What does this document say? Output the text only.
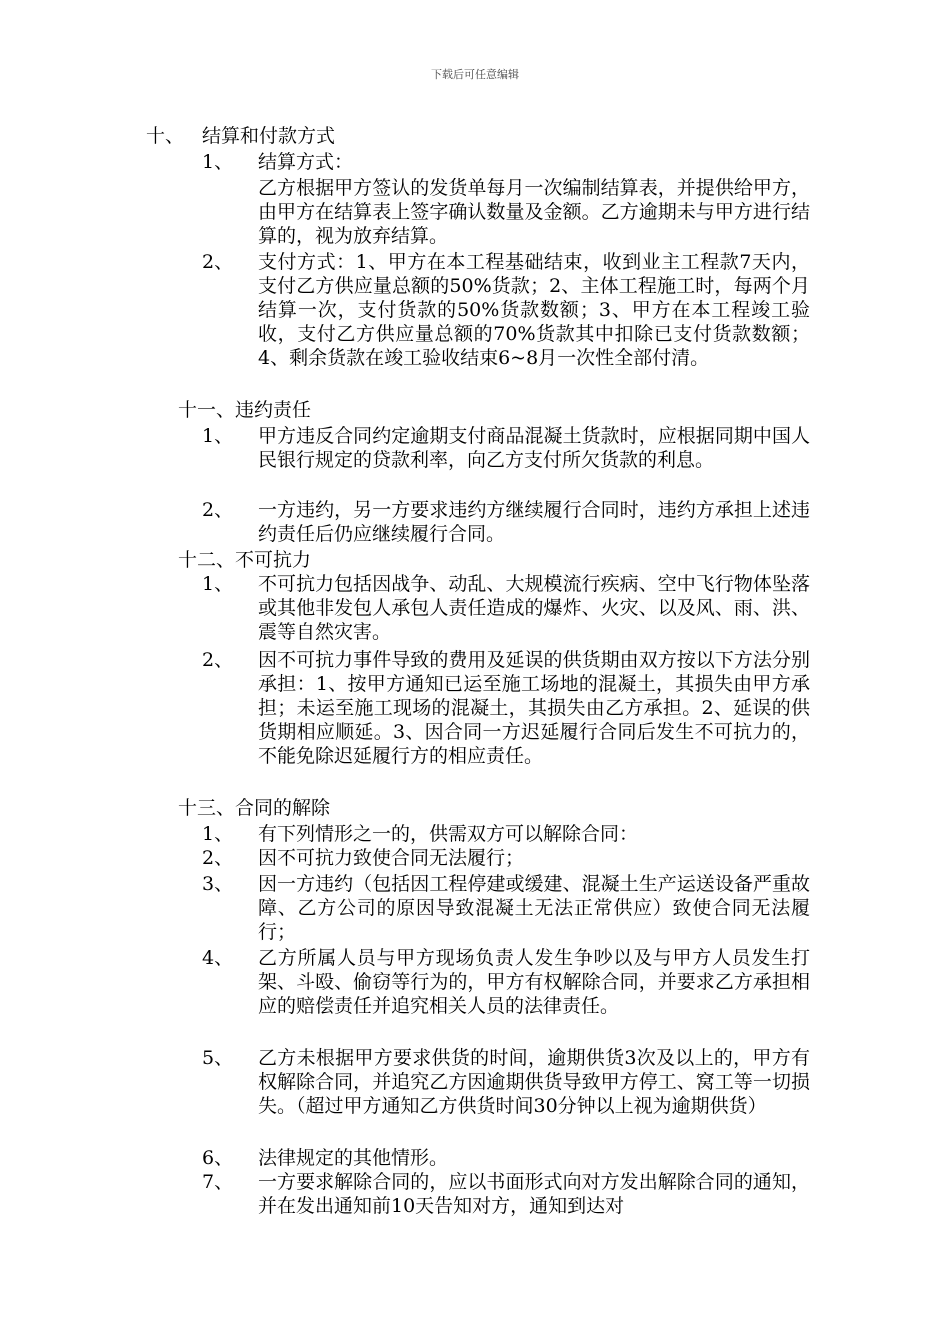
下载后可任意编辑
十、 结算和付款方式
1、 结算方式：
乙方根据甲方签认的发货单每月一次编制结算表，并提供给甲方，由甲方在结算表上签字确认数量及金额。乙方逾期未与甲方进行结算的，视为放弃结算。
2、 支付方式：1、甲方在本工程基础结束，收到业主工程款7天内，支付乙方供应量总额的50%货款；2、主体工程施工时，每两个月结算一次，支付货款的50%货款数额；3、甲方在本工程竣工验收，支付乙方供应量总额的70%货款其中扣除已支付货款数额；4、剩余货款在竣工验收结束6~8月一次性全部付清。
十一、违约责任
1、 甲方违反合同约定逾期支付商品混凝土货款时，应根据同期中国人民银行规定的贷款利率，向乙方支付所欠货款的利息。
2、 一方违约，另一方要求违约方继续履行合同时，违约方承担上述违约责任后仍应继续履行合同。
十二、不可抗力
1、 不可抗力包括因战争、动乱、大规模流行疾病、空中飞行物体坠落或其他非发包人承包人责任造成的爆炸、火灾、以及风、雨、洪、震等自然灾害。
2、 因不可抗力事件导致的费用及延误的供货期由双方按以下方法分别承担：1、按甲方通知已运至施工场地的混凝土，其损失由甲方承担；未运至施工现场的混凝土，其损失由乙方承担。2、延误的供货期相应顺延。3、因合同一方迟延履行合同后发生不可抗力的，不能免除迟延履行方的相应责任。
十三、合同的解除
1、 有下列情形之一的，供需双方可以解除合同：
2、 因不可抗力致使合同无法履行；
3、 因一方违约（包括因工程停建或缓建、混凝土生产运送设备严重故障、乙方公司的原因导致混凝土无法正常供应）致使合同无法履行；
4、 乙方所属人员与甲方现场负责人发生争吵以及与甲方人员发生打架、斗殴、偷窃等行为的，甲方有权解除合同，并要求乙方承担相应的赔偿责任并追究相关人员的法律责任。
5、 乙方未根据甲方要求供货的时间，逾期供货3次及以上的，甲方有权解除合同，并追究乙方因逾期供货导致甲方停工、窝工等一切损失。（超过甲方通知乙方供货时间30分钟以上视为逾期供货）
6、 法律规定的其他情形。
7、 一方要求解除合同的，应以书面形式向对方发出解除合同的通知，并在发出通知前10天告知对方，通知到达对
